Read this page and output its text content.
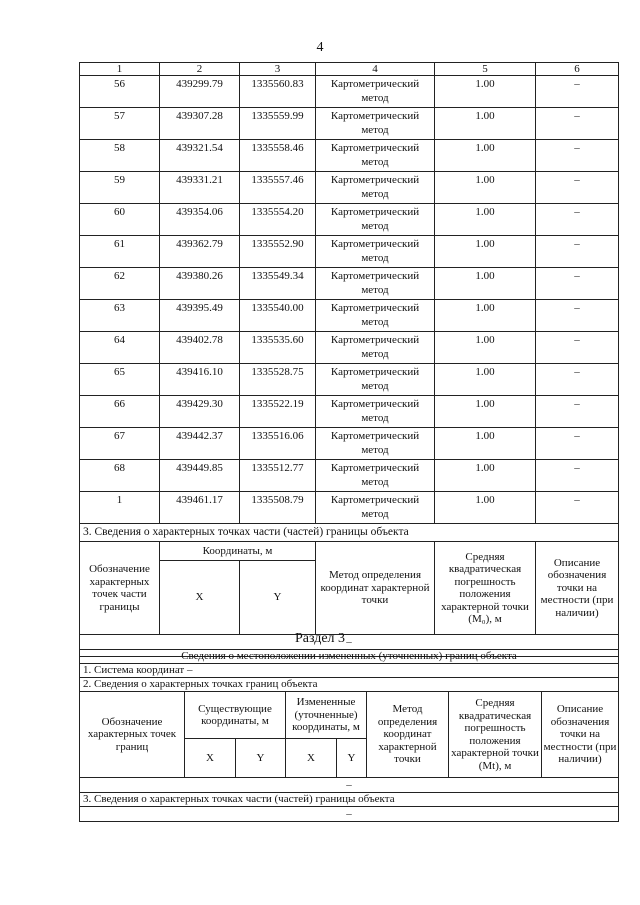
4
1	2	3	4	5	6
56	439299.79	1335560.83	Картометрический метод	1.00	–
57	439307.28	1335559.99	Картометрический метод	1.00	–
58	439321.54	1335558.46	Картометрический метод	1.00	–
59	439331.21	1335557.46	Картометрический метод	1.00	–
60	439354.06	1335554.20	Картометрический метод	1.00	–
61	439362.79	1335552.90	Картометрический метод	1.00	–
62	439380.26	1335549.34	Картометрический метод	1.00	–
63	439395.49	1335540.00	Картометрический метод	1.00	–
64	439402.78	1335535.60	Картометрический метод	1.00	–
65	439416.10	1335528.75	Картометрический метод	1.00	–
66	439429.30	1335522.19	Картометрический метод	1.00	–
67	439442.37	1335516.06	Картометрический метод	1.00	–
68	439449.85	1335512.77	Картометрический метод	1.00	–
1	439461.17	1335508.79	Картометрический метод	1.00	–
3. Сведения о характерных точках части (частей) границы объекта					
Обозначение характерных точек части границы	Координаты, м		Метод определения координат характерной точки	Средняя квадратическая погрешность положения характерной точки (M₀), м	Описание обозначения точки на местности (при наличии)
	X	Y			
–					

Раздел 3
Сведения о местоположении измененных (уточненных) границ объекта							
1. Система координат –							
2. Сведения о характерных точках границ объекта							
Обозначение характерных точек границ	Существующие координаты, м		Измененные (уточненные) координаты, м		Метод определения координат характерной точки	Средняя квадратическая погрешность положения характерной точки (Mt), м	Описание обозначения точки на местности (при наличии)
	X	Y	X	Y			
–							
3. Сведения о характерных точках части (частей) границы объекта							
–							
